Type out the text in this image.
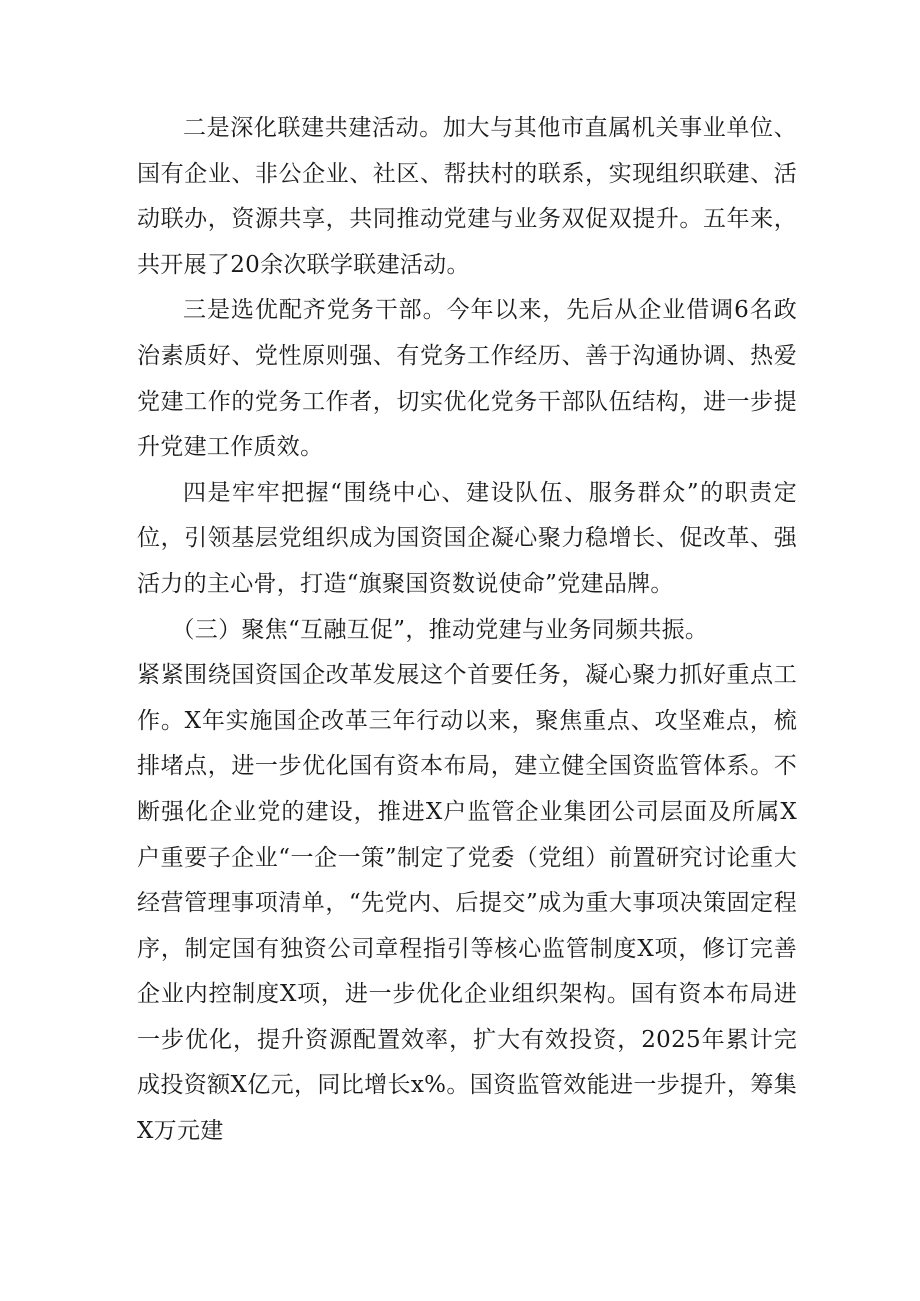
二是深化联建共建活动。加大与其他市直属机关事业单位、国有企业、非公企业、社区、帮扶村的联系，实现组织联建、活动联办，资源共享，共同推动党建与业务双促双提升。五年来，共开展了20余次联学联建活动。

三是选优配齐党务干部。今年以来，先后从企业借调6名政治素质好、党性原则强、有党务工作经历、善于沟通协调、热爱党建工作的党务工作者，切实优化党务干部队伍结构，进一步提升党建工作质效。

四是牢牢把握“围绕中心、建设队伍、服务群众”的职责定位，引领基层党组织成为国资国企凝心聚力稳增长、促改革、强活力的主心骨，打造“旗聚国资数说使命”党建品牌。

（三）聚焦“互融互促”，推动党建与业务同频共振。

紧紧围绕国资国企改革发展这个首要任务，凝心聚力抓好重点工作。X年实施国企改革三年行动以来，聚焦重点、攻坚难点，梳排堵点，进一步优化国有资本布局，建立健全国资监管体系。不断强化企业党的建设，推进X户监管企业集团公司层面及所属X户重要子企业“一企一策”制定了党委（党组）前置研究讨论重大经营管理事项清单，“先党内、后提交”成为重大事项决策固定程序，制定国有独资公司章程指引等核心监管制度X项，修订完善企业内控制度X项，进一步优化企业组织架构。国有资本布局进一步优化，提升资源配置效率，扩大有效投资，2025年累计完成投资额X亿元，同比增长x%。国资监管效能进一步提升，筹集X万元建
